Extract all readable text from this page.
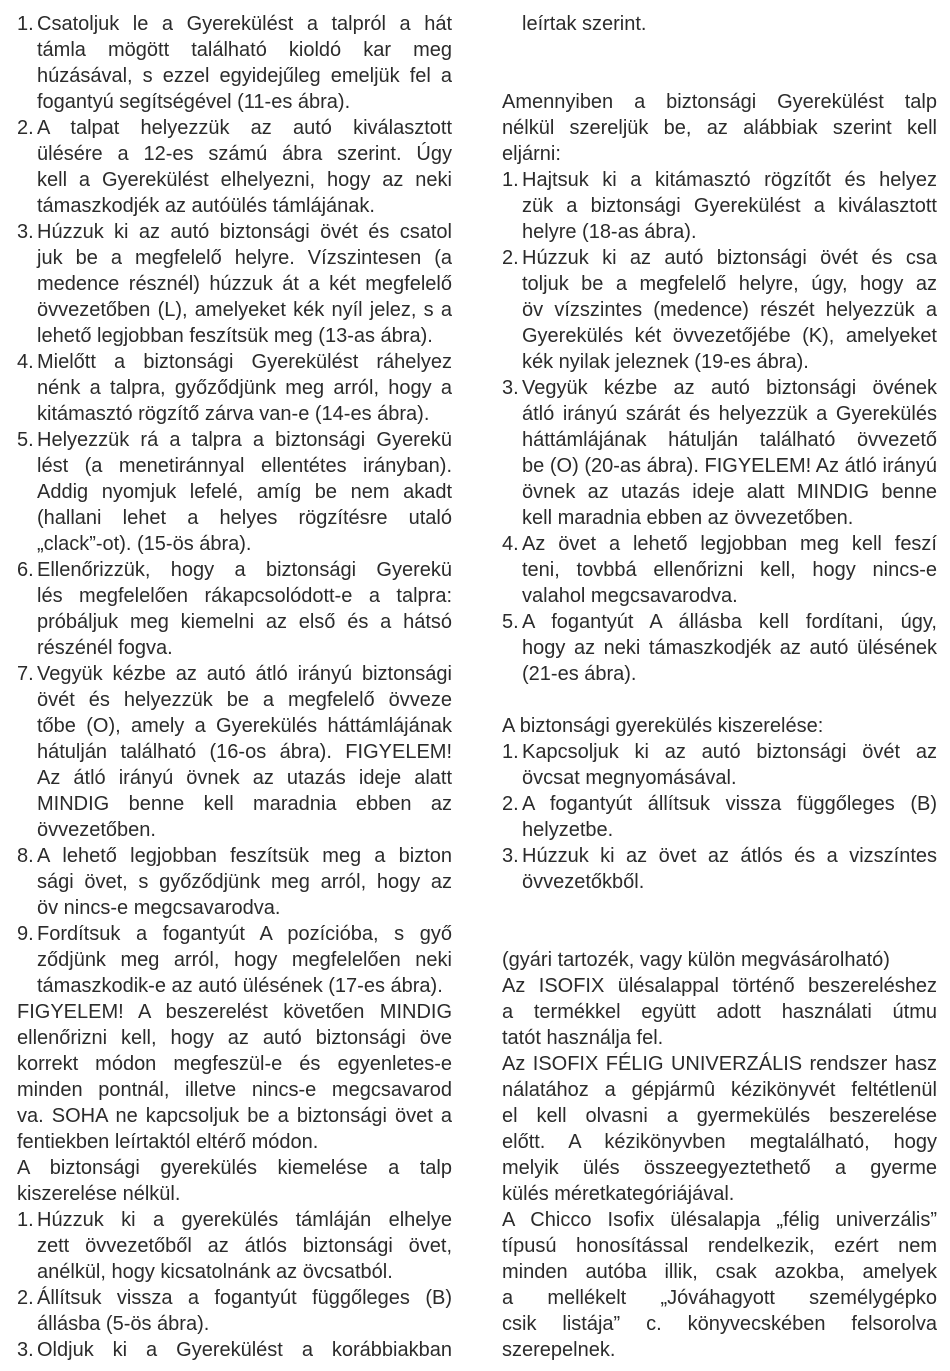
1. Csatoljuk le a Gyerekülést a talpról a hát
támla mögött található kioldó kar meg
húzásával, s ezzel egyidejűleg emeljük fel a
fogantyú segítségével (11-es ábra).
2. A talpat helyezzük az autó kiválasztott
ülésére a 12-es számú ábra szerint. Úgy
kell a Gyerekülést elhelyezni, hogy az neki
támaszkodjék az autóülés támlájának.
3. Húzzuk ki az autó biztonsági övét és csatol
juk be a megfelelő helyre. Vízszintesen (a
medence résznél) húzzuk át a két megfelelő
övvezetőben (L), amelyeket kék nyíl jelez, s a
lehető legjobban feszítsük meg (13-as ábra).
4. Mielőtt a biztonsági Gyerekülést ráhelyez
nénk a talpra, győződjünk meg arról, hogy a
kitámasztó rögzítő zárva van-e (14-es ábra).
5. Helyezzük rá a talpra a biztonsági Gyerekü
lést (a menetiránnyal ellentétes irányban).
Addig nyomjuk lefelé, amíg be nem akadt
(hallani lehet a helyes rögzítésre utaló
„clack”-ot). (15-ös ábra).
6. Ellenőrizzük, hogy a biztonsági Gyerekü
lés megfelelően rákapcsolódott-e a talpra:
próbáljuk meg kiemelni az első és a hátsó
részénél fogva.
7. Vegyük kézbe az autó átló irányú biztonsági
övét és helyezzük be a megfelelő övveze
tőbe (O), amely a Gyerekülés háttámlájának
hátulján található (16-os ábra). FIGYELEM!
Az átló irányú övnek az utazás ideje alatt
MINDIG benne kell maradnia ebben az
övvezetőben.
8. A lehető legjobban feszítsük meg a bizton
sági övet, s győződjünk meg arról, hogy az
öv nincs-e megcsavarodva.
9. Fordítsuk a fogantyút A pozícióba, s győ
ződjünk meg arról, hogy megfelelően neki
támaszkodik-e az autó ülésének (17-es ábra).
FIGYELEM! A beszerelést követően MINDIG
ellenőrizni kell, hogy az autó biztonsági öve
korrekt módon megfeszül-e és egyenletes-e
minden pontnál, illetve nincs-e megcsavarod
va. SOHA ne kapcsoljuk be a biztonsági övet a
fentiekben leírtaktól eltérő módon.
A biztonsági gyerekülés kiemelése a talp
kiszerelése nélkül.
1. Húzzuk ki a gyerekülés támláján elhelye
zett övvezetőből az átlós biztonsági övet,
anélkül, hogy kicsatolnánk az övcsatból.
2. Állítsuk vissza a fogantyút függőleges (B)
állásba (5-ös ábra).
3. Oldjuk ki a Gyerekülést a korábbiakban
leírtak szerint.
Amennyiben a biztonsági Gyerekülést talp
nélkül szereljük be, az alábbiak szerint kell
eljárni:
1. Hajtsuk ki a kitámasztó rögzítőt és helyez
zük a biztonsági Gyerekülést a kiválasztott
helyre (18-as ábra).
2. Húzzuk ki az autó biztonsági övét és csa
toljuk be a megfelelő helyre, úgy, hogy az
öv vízszintes (medence) részét helyezzük a
Gyerekülés két övvezetőjébe (K), amelyeket
kék nyilak jeleznek (19-es ábra).
3. Vegyük kézbe az autó biztonsági övének
átló irányú szárát és helyezzük a Gyerekülés
háttámlájának hátulján található övvezető
be (O) (20-as ábra). FIGYELEM! Az átló irányú
övnek az utazás ideje alatt MINDIG benne
kell maradnia ebben az övvezetőben.
4. Az övet a lehető legjobban meg kell feszí
teni, tovbbá ellenőrizni kell, hogy nincs-e
valahol megcsavarodva.
5. A fogantyút A állásba kell fordítani, úgy,
hogy az neki támaszkodjék az autó ülésének
(21-es ábra).
A biztonsági gyerekülés kiszerelése:
1. Kapcsoljuk ki az autó biztonsági övét az
övcsat megnyomásával.
2. A fogantyút állítsuk vissza függőleges (B)
helyzetbe.
3. Húzzuk ki az övet az átlós és a vizszíntes
övvezetőkből.
(gyári tartozék, vagy külön megvásárolható)
Az ISOFIX ülésalappal történő beszereléshez
a termékkel együtt adott használati útmu
tatót használja fel.
Az ISOFIX FÉLIG UNIVERZÁLIS rendszer hasz
nálatához a gépjármû kézikönyvét feltétlenül
el kell olvasni a gyermekülés beszerelése
előtt. A kézikönyvben megtalálható, hogy
melyik ülés összeegyeztethető a gyerme
külés méretkategóriájával.
A Chicco Isofix ülésalapja „félig univerzális”
típusú honosítással rendelkezik, ezért nem
minden autóba illik, csak azokba, amelyek
a mellékelt „Jóváhagyott személygépko
csik listája” c. könyvecskében felsorolva
szerepelnek.
